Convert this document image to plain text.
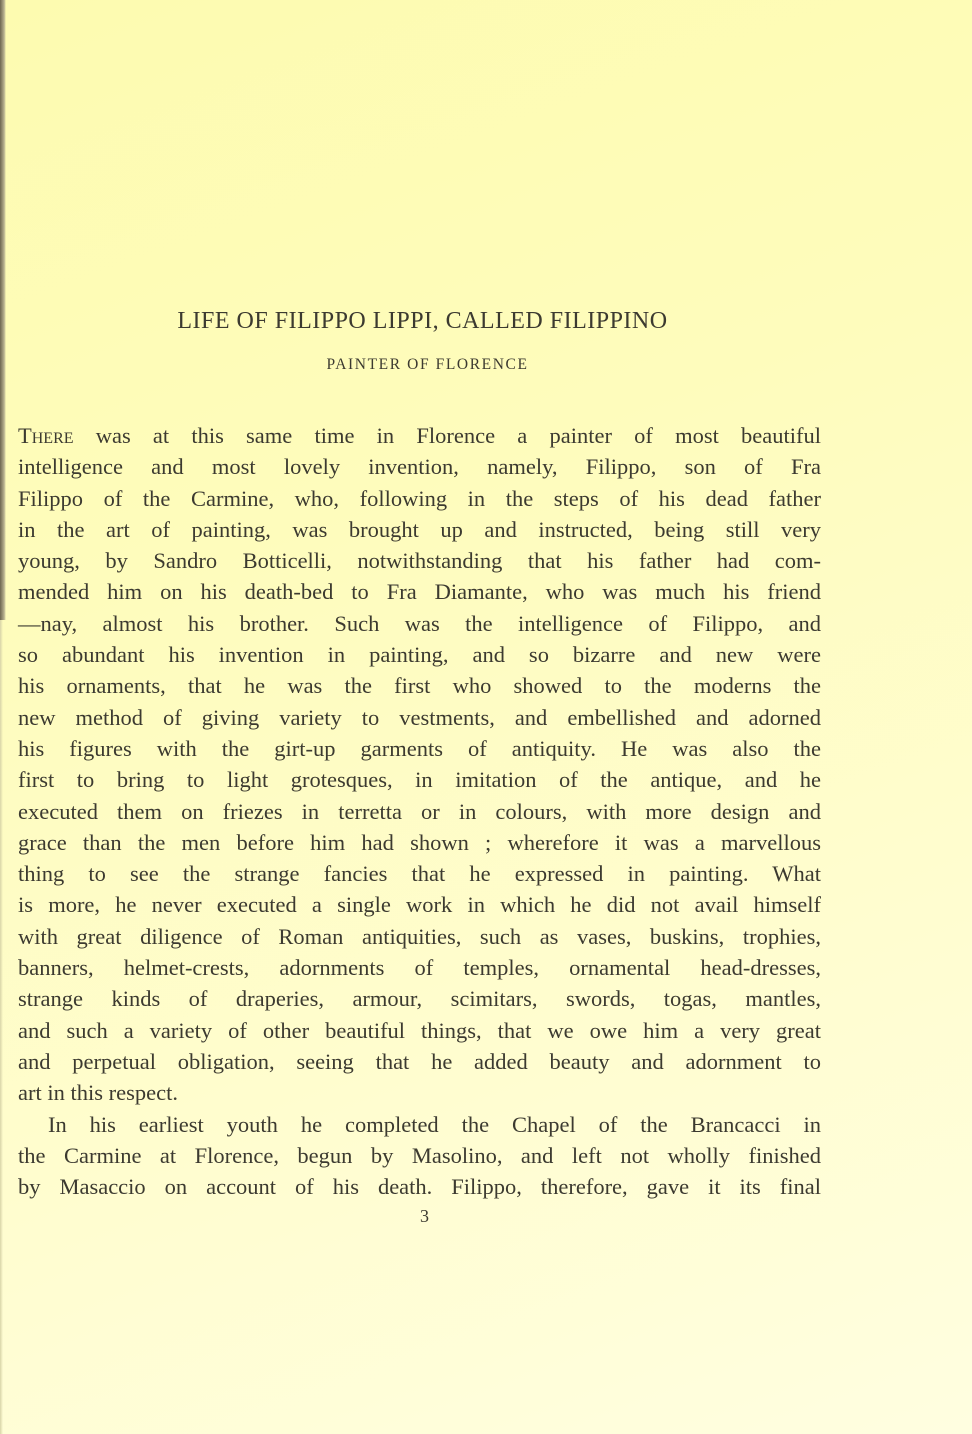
LIFE OF FILIPPO LIPPI, CALLED FILIPPINO
PAINTER OF FLORENCE
There was at this same time in Florence a painter of most beautiful
intelligence and most lovely invention, namely, Filippo, son of Fra
Filippo of the Carmine, who, following in the steps of his dead father
in the art of painting, was brought up and instructed, being still very
young, by Sandro Botticelli, notwithstanding that his father had com-
mended him on his death-bed to Fra Diamante, who was much his friend
—nay, almost his brother. Such was the intelligence of Filippo, and
so abundant his invention in painting, and so bizarre and new were
his ornaments, that he was the first who showed to the moderns the
new method of giving variety to vestments, and embellished and adorned
his figures with the girt-up garments of antiquity. He was also the
first to bring to light grotesques, in imitation of the antique, and he
executed them on friezes in terretta or in colours, with more design and
grace than the men before him had shown ; wherefore it was a marvellous
thing to see the strange fancies that he expressed in painting. What
is more, he never executed a single work in which he did not avail himself
with great diligence of Roman antiquities, such as vases, buskins, trophies,
banners, helmet-crests, adornments of temples, ornamental head-dresses,
strange kinds of draperies, armour, scimitars, swords, togas, mantles,
and such a variety of other beautiful things, that we owe him a very great
and perpetual obligation, seeing that he added beauty and adornment to
art in this respect.
In his earliest youth he completed the Chapel of the Brancacci in
the Carmine at Florence, begun by Masolino, and left not wholly finished
by Masaccio on account of his death. Filippo, therefore, gave it its final
3
